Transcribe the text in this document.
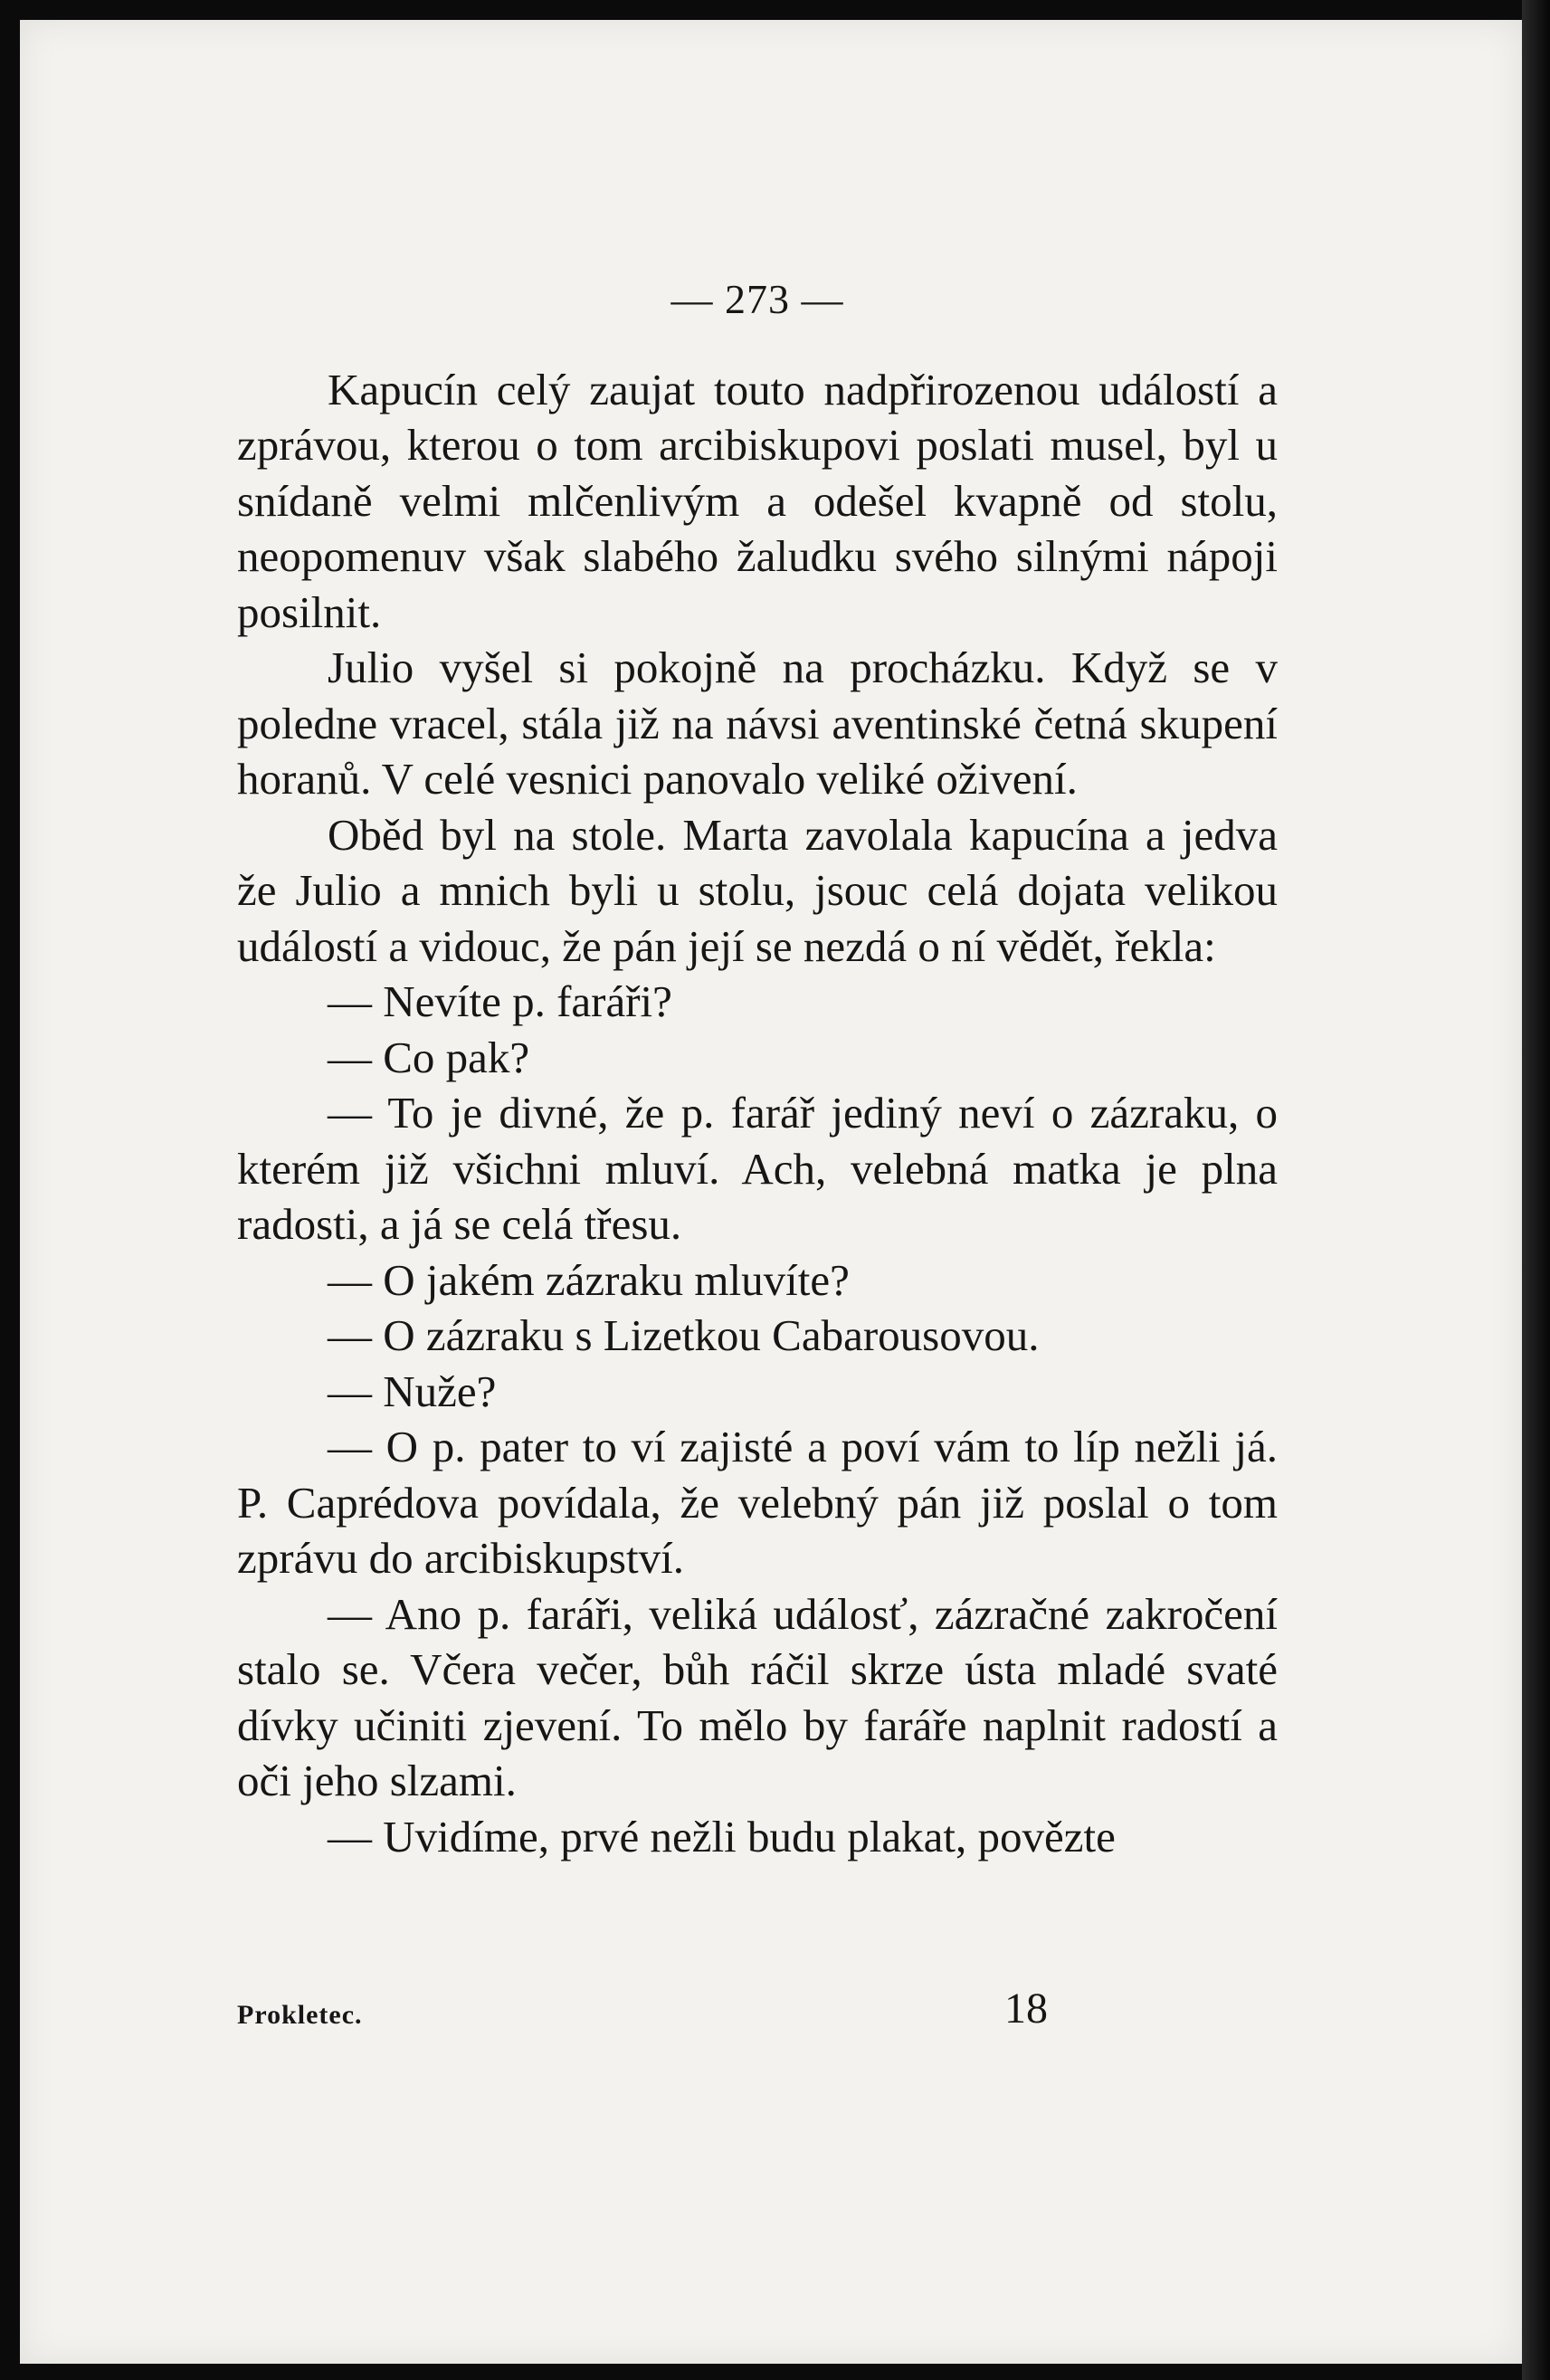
— 273 —

Kapucín celý zaujat touto nadpřirozenou událostí a zprávou, kterou o tom arcibiskupovi poslati musel, byl u snídaně velmi mlčenlivým a odešel kvapně od stolu, neopomenuv však slabého žaludku svého silnými nápoji posilnit.

Julio vyšel si pokojně na procházku. Když se v poledne vracel, stála již na návsi aventinské četná skupení horanů. V celé vesnici panovalo veliké oživení.

Oběd byl na stole. Marta zavolala kapucína a jedva že Julio a mnich byli u stolu, jsouc celá dojata velikou událostí a vidouc, že pán její se nezdá o ní vědět, řekla:

— Nevíte p. faráři?

— Co pak?

— To je divné, že p. farář jediný neví o zázraku, o kterém již všichni mluví. Ach, velebná matka je plna radosti, a já se celá třesu.

— O jakém zázraku mluvíte?

— O zázraku s Lizetkou Cabarousovou.

— Nuže?

— O p. pater to ví zajisté a poví vám to líp nežli já. P. Caprédova povídala, že velebný pán již poslal o tom zprávu do arcibiskupství.

— Ano p. faráři, veliká událosť, zázračné zakročení stalo se. Včera večer, bůh ráčil skrze ústa mladé svaté dívky učiniti zjevení. To mělo by faráře naplnit radostí a oči jeho slzami.

— Uvidíme, prvé nežli budu plakat, povězte

Prokletec.	18
